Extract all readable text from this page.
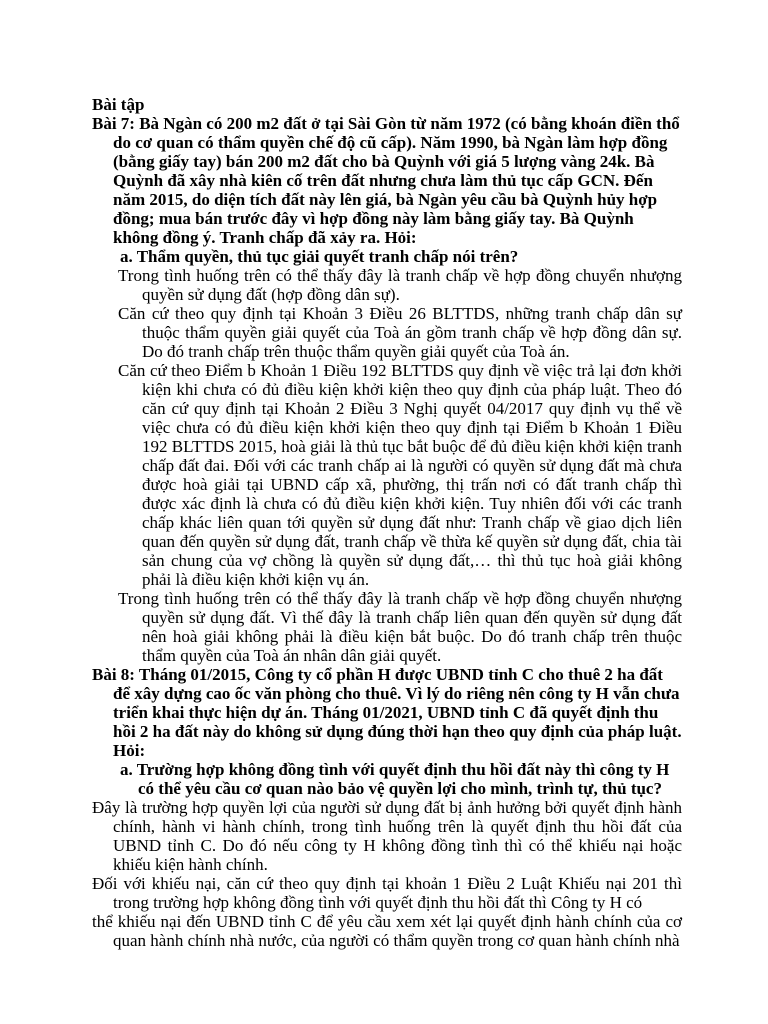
Bài tập

Bài 7: Bà Ngàn có 200 m2 đất ở tại Sài Gòn từ năm 1972 (có bằng khoán điền thổ do cơ quan có thẩm quyền chế độ cũ cấp). Năm 1990, bà Ngàn làm hợp đồng (bằng giấy tay) bán 200 m2 đất cho bà Quỳnh với giá 5 lượng vàng 24k. Bà Quỳnh đã xây nhà kiên cố trên đất nhưng chưa làm thủ tục cấp GCN. Đến năm 2015, do diện tích đất này lên giá, bà Ngàn yêu cầu bà Quỳnh hủy hợp đồng; mua bán trước đây vì hợp đồng này làm bằng giấy tay. Bà Quỳnh không đồng ý. Tranh chấp đã xảy ra. Hỏi:

a. Thẩm quyền, thủ tục giải quyết tranh chấp nói trên?

Trong tình huống trên có thể thấy đây là tranh chấp về hợp đồng chuyển nhượng quyền sử dụng đất (hợp đồng dân sự).

Căn cứ theo quy định tại Khoản 3 Điều 26 BLTTDS, những tranh chấp dân sự thuộc thẩm quyền giải quyết của Toà án gồm tranh chấp về hợp đồng dân sự. Do đó tranh chấp trên thuộc thẩm quyền giải quyết của Toà án.

Căn cứ theo Điểm b Khoản 1 Điều 192 BLTTDS quy định về việc trả lại đơn khởi kiện khi chưa có đủ điều kiện khởi kiện theo quy định của pháp luật. Theo đó căn cứ quy định tại Khoản 2 Điều 3 Nghị quyết 04/2017 quy định vụ thể về việc chưa có đủ điều kiện khởi kiện theo quy định tại Điểm b Khoản 1 Điều 192 BLTTDS 2015, hoà giải là thủ tục bắt buộc để đủ điều kiện khởi kiện tranh chấp đất đai. Đối với các tranh chấp ai là người có quyền sử dụng đất mà chưa được hoà giải tại UBND cấp xã, phường, thị trấn nơi có đất tranh chấp thì được xác định là chưa có đủ điều kiện khởi kiện. Tuy nhiên đối với các tranh chấp khác liên quan tới quyền sử dụng đất như: Tranh chấp về giao dịch liên quan đến quyền sử dụng đất, tranh chấp về thừa kế quyền sử dụng đất, chia tài sản chung của vợ chồng là quyền sử dụng đất,… thì thủ tục hoà giải không phải là điều kiện khởi kiện vụ án.

Trong tình huống trên có thể thấy đây là tranh chấp về hợp đồng chuyển nhượng quyền sử dụng đất. Vì thế đây là tranh chấp liên quan đến quyền sử dụng đất nên hoà giải không phải là điều kiện bắt buộc. Do đó tranh chấp trên thuộc thẩm quyền của Toà án nhân dân giải quyết.

Bài 8: Tháng 01/2015, Công ty cổ phần H được UBND tỉnh C cho thuê 2 ha đất để xây dựng cao ốc văn phòng cho thuê. Vì lý do riêng nên công ty H vẫn chưa triển khai thực hiện dự án. Tháng 01/2021, UBND tỉnh C đã quyết định thu hồi 2 ha đất này do không sử dụng đúng thời hạn theo quy định của pháp luật. Hỏi:

a. Trường hợp không đồng tình với quyết định thu hồi đất này thì công ty H có thể yêu cầu cơ quan nào bảo vệ quyền lợi cho mình, trình tự, thủ tục?

Đây là trường hợp quyền lợi của người sử dụng đất bị ảnh hưởng bởi quyết định hành chính, hành vi hành chính, trong tình huống trên là quyết định thu hồi đất của UBND tỉnh C. Do đó nếu công ty H không đồng tình thì có thể khiếu nại hoặc khiếu kiện hành chính.

Đối với khiếu nại, căn cứ theo quy định tại khoản 1 Điều 2 Luật Khiếu nại 201 thì trong trường hợp không đồng tình với quyết định thu hồi đất thì Công ty H có

thể khiếu nại đến UBND tỉnh C để yêu cầu xem xét lại quyết định hành chính của cơ quan hành chính nhà nước, của người có thẩm quyền trong cơ quan hành chính nhà
